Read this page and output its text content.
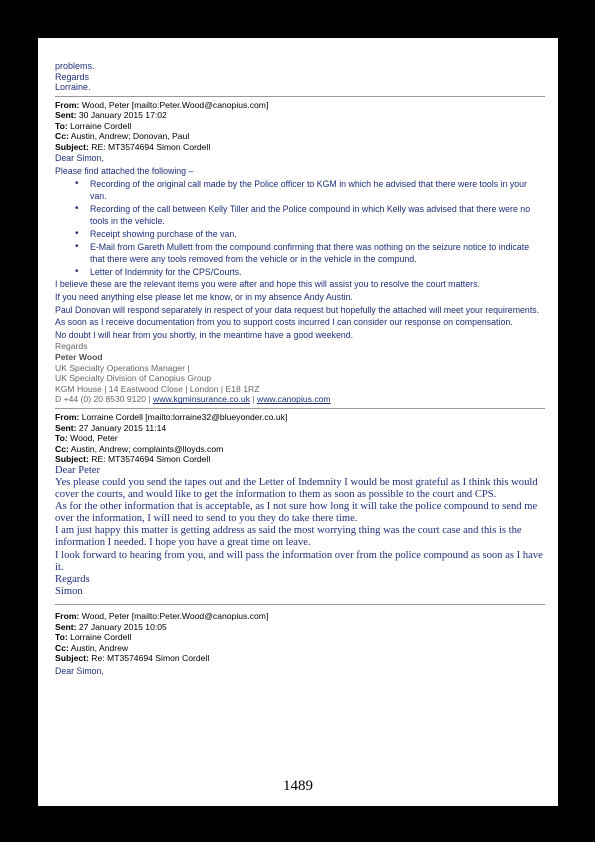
problems.
Regards
Lorraine.
From: Wood, Peter [mailto:Peter.Wood@canopius.com]
Sent: 30 January 2015 17:02
To: Lorraine Cordell
Cc: Austin, Andrew; Donovan, Paul
Subject: RE: MT3574694 Simon Cordell
Dear Simon,
Please find attached the following –
• Recording of the original call made by the Police officer to KGM in which he advised that there were tools in your van.
• Recording of the call between Kelly Tiller and the Police compound in which Kelly was advised that there were no tools in the vehicle.
• Receipt showing purchase of the van.
• E-Mail from Gareth Mullett from the compound confirming that there was nothing on the seizure notice to indicate that there were any tools removed from the vehicle or in the vehicle in the compund.
• Letter of Indemnity for the CPS/Courts.
I believe these are the relevant items you were after and hope this will assist you to resolve the court matters.
If you need anything else please let me know, or in my absence Andy Austin.
Paul Donovan will respond separately in respect of your data request but hopefully the attached will meet your requirements.
As soon as I receive documentation from you to support costs incurred I can consider our response on compensation.
No doubt I will hear from you shortly, in the meantime have a good weekend.
Regards
Peter Wood
UK Specialty Operations Manager |
UK Specialty Division of Canopius Group
KGM House | 14 Eastwood Close | London | E18 1RZ
D +44 (0) 20 8530 9120 | www.kgminsurance.co.uk | www.canopius.com
From: Lorraine Cordell [mailto:lorraine32@blueyonder.co.uk]
Sent: 27 January 2015 11:14
To: Wood, Peter
Cc: Austin, Andrew; complaints@lloyds.com
Subject: RE: MT3574694 Simon Cordell
Dear Peter
Yes please could you send the tapes out and the Letter of Indemnity I would be most grateful as I think this would cover the courts, and would like to get the information to them as soon as possible to the court and CPS.
As for the other information that is acceptable, as I not sure how long it will take the police compound to send me over the information, I will need to send to you they do take there time.
I am just happy this matter is getting address as said the most worrying thing was the court case and this is the information I needed. I hope you have a great time on leave.
I look forward to hearing from you, and will pass the information over from the police compound as soon as I have it.
Regards
Simon
From: Wood, Peter [mailto:Peter.Wood@canopius.com]
Sent: 27 January 2015 10:05
To: Lorraine Cordell
Cc: Austin, Andrew
Subject: Re: MT3574694 Simon Cordell
Dear Simon,
1489
